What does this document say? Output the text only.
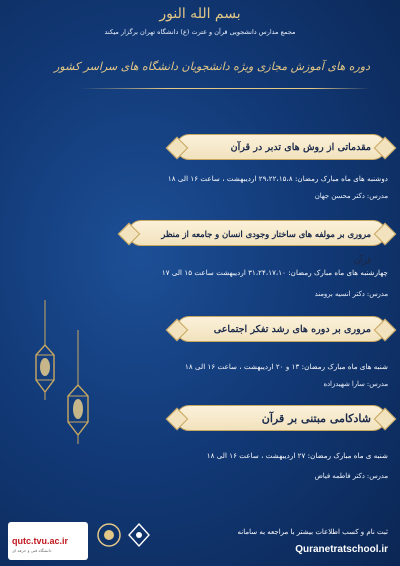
بسم الله النور
مجمع مدارس دانشجویی قرآن و عترت (ع) دانشگاه تهران برگزار میکند
دوره های آموزش مجازی ویژه دانشجویان دانشگاه های سراسر کشور
مقدماتی از روش های تدبر در قرآن
دوشنبه های ماه مبارک رمضان: ۲۹،۲۲،۱۵،۸ اردیبهشت ، ساعت ۱۶ الی ۱۸
مدرس: دکتر محسن جهان
مروری بر مولفه های ساختار وجودی انسان و جامعه از منظر قرآن
چهارشنبه های ماه مبارک رمضان: ۳۱،۲۴،۱۷،۱۰ اردیبهشت ساعت ۱۵ الی ۱۷
مدرس: دکتر انسیه برومند
مروری بر دوره های رشد تفکر اجتماعی
شنبه های ماه مبارک رمضان: ۱۳ و ۲۰ اردیبهشت ، ساعت ۱۶ الی ۱۸
مدرس: سارا شهیدزاده
شادکامی مبتنی بر قرآن
شنبه ی ماه مبارک رمضان: ۲۷ اردیبهشت ، ساعت ۱۶ الی ۱۸
مدرس: دکتر فاطمه فیاض
ثبت نام و کسب اطلاعات بیشتر با مراجعه به سامانه
Quranetratschool.ir
qutc.tvu.ac.ir
دانشگاه فنی و حرفه ای
